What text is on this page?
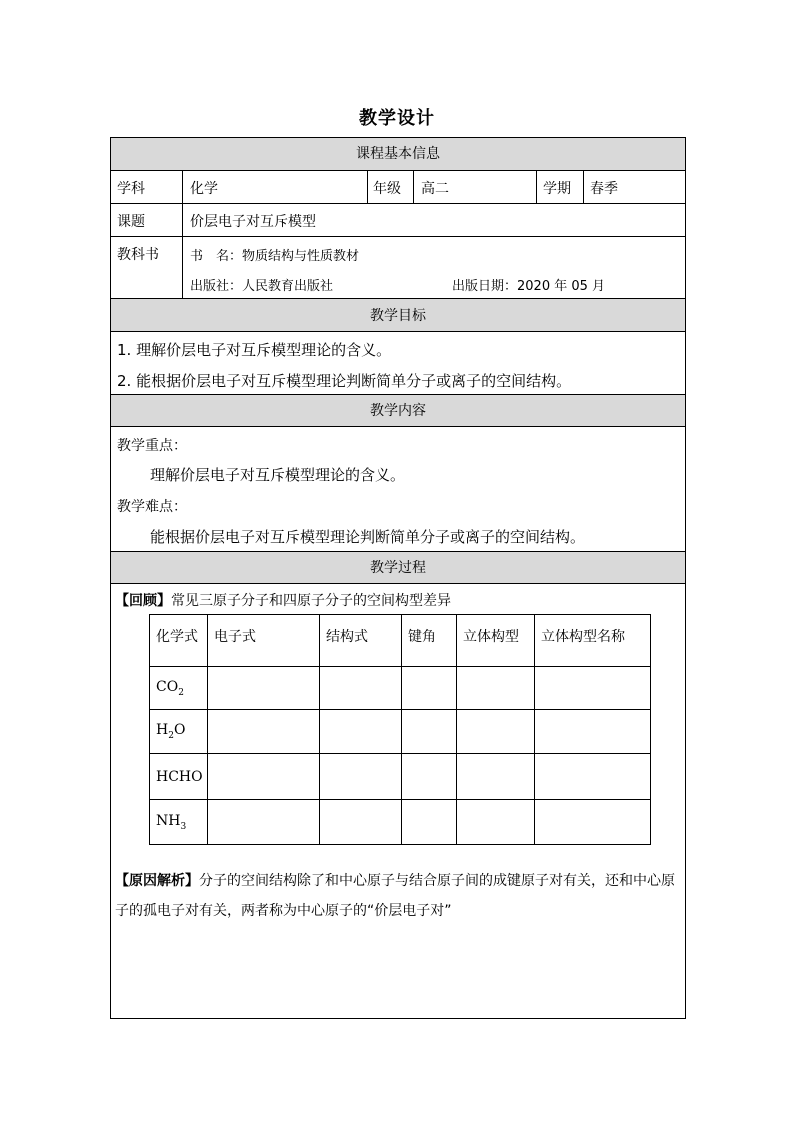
教学设计
课程基本信息
学科	化学	年级 高二	学期 春季
课题	价层电子对互斥模型
教科书 书　名：物质结构与性质教材
出版社：人民教育出版社	出版日期：2020 年 05 月
教学目标
1. 理解价层电子对互斥模型理论的含义。
2. 能根据价层电子对互斥模型理论判断简单分子或离子的空间结构。
教学内容
教学重点：
理解价层电子对互斥模型理论的含义。
教学难点：
能根据价层电子对互斥模型理论判断简单分子或离子的空间结构。
教学过程
【回顾】常见三原子分子和四原子分子的空间构型差异
化学式	电子式	结构式	键角	立体构型	立体构型名称
$CO_2$					
$H_2O$					
HCHO					
$NH_3$					
【原因解析】分子的空间结构除了和中心原子与结合原子间的成键原子对有关，还和中心原
子的孤电子对有关，两者称为中心原子的“价层电子对”
